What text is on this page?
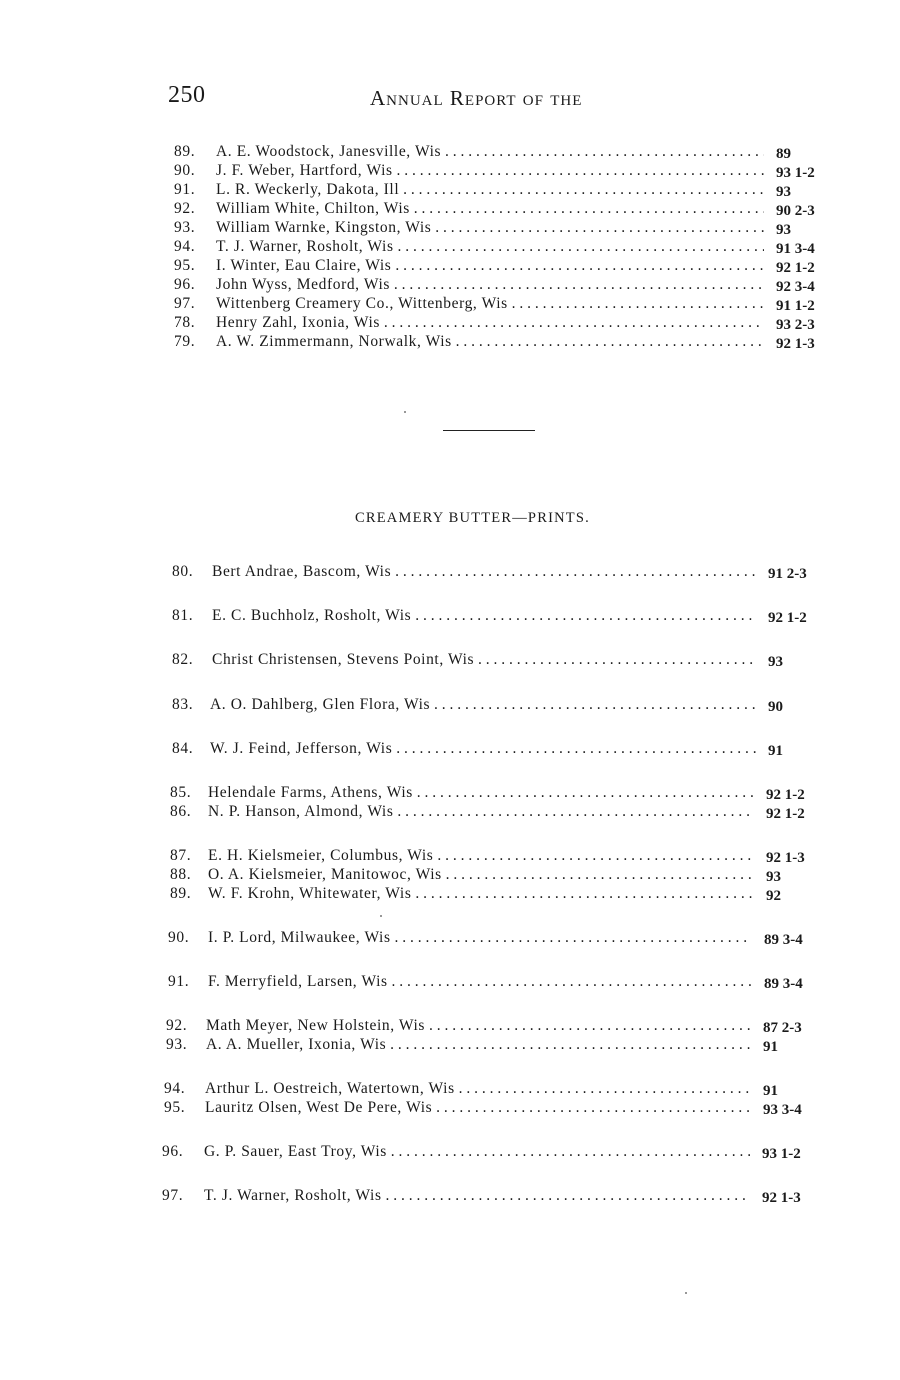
250	Annual Report of the
89. A. E. Woodstock, Janesville, Wis . . .	89
90. J. F. Weber, Hartford, Wis . . .	93 1-2
91. L. R. Weckerly, Dakota, Ill . . .	93
92. William White, Chilton, Wis . . .	90 2-3
93. William Warnke, Kingston, Wis . . .	93
94. T. J. Warner, Rosholt, Wis . . .	91 3-4
95. I. Winter, Eau Claire, Wis . . .	92 1-2
96. John Wyss, Medford, Wis . . .	92 3-4
97. Wittenberg Creamery Co., Wittenberg, Wis . . .	91 1-2
78. Henry Zahl, Ixonia, Wis . . .	93 2-3
79. A. W. Zimmermann, Norwalk, Wis . . .	92 1-3
CREAMERY BUTTER—PRINTS.
80. Bert Andrae, Bascom, Wis . . .	91 2-3
81. E. C. Buchholz, Rosholt, Wis . . .	92 1-2
82. Christ Christensen, Stevens Point, Wis . . .	93
83. A. O. Dahlberg, Glen Flora, Wis . . .	90
84. W. J. Feind, Jefferson, Wis . . .	91
85. Helendale Farms, Athens, Wis . . .	92 1-2
86. N. P. Hanson, Almond, Wis . . .	92 1-2
87. E. H. Kielsmeier, Columbus, Wis . . .	92 1-3
88. O. A. Kielsmeier, Manitowoc, Wis . . .	93
89. W. F. Krohn, Whitewater, Wis . . .	92
90. I. P. Lord, Milwaukee, Wis . . .	89 3-4
91. F. Merryfield, Larsen, Wis . . .	89 3-4
92. Math Meyer, New Holstein, Wis . . .	87 2-3
93. A. A. Mueller, Ixonia, Wis . . .	91
94. Arthur L. Oestreich, Watertown, Wis . . .	91
95. Lauritz Olsen, West De Pere, Wis . . .	93 3-4
96. G. P. Sauer, East Troy, Wis . . .	93 1-2
97. T. J. Warner, Rosholt, Wis . . .	92 1-3
